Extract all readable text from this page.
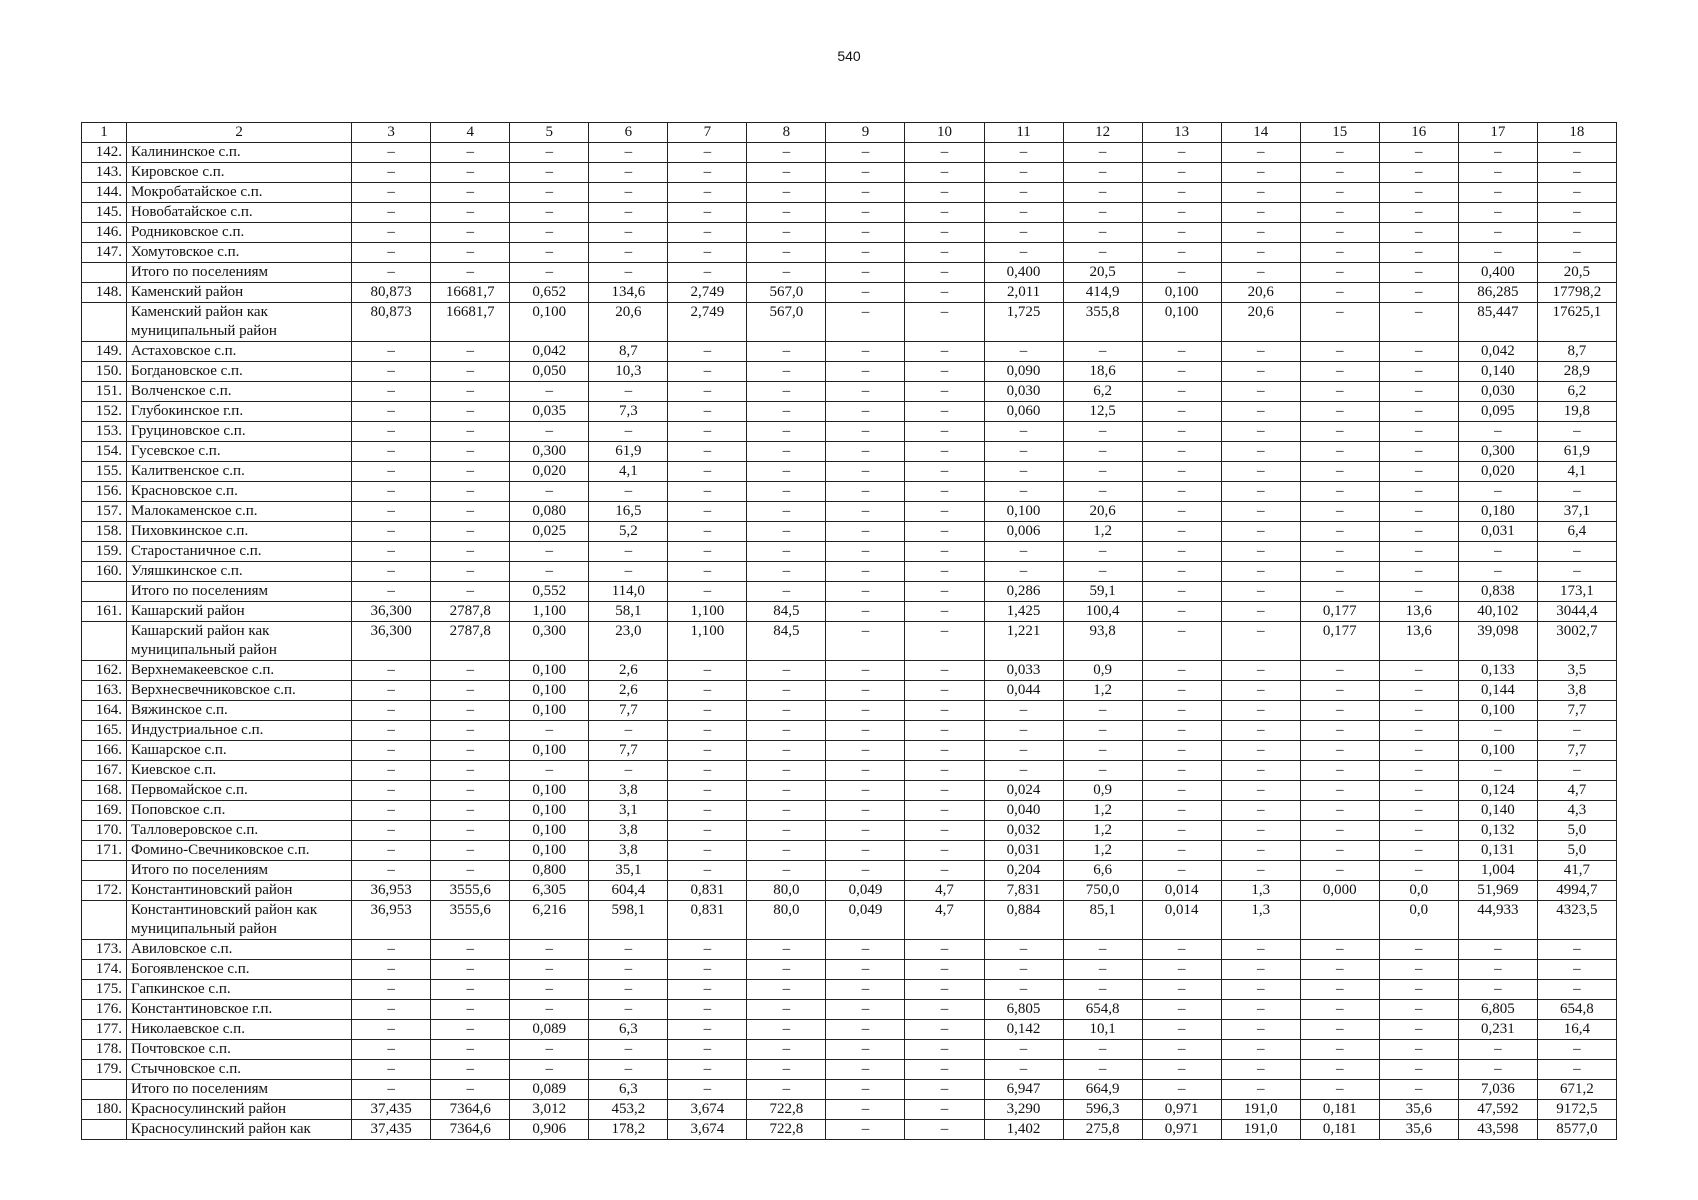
540
1	2	3	4	5	6	7	8	9	10	11	12	13	14	15	16	17	18
142.	Калининское с.п.	–	–	–	–	–	–	–	–	–	–	–	–	–	–	–	–
143.	Кировское с.п.	–	–	–	–	–	–	–	–	–	–	–	–	–	–	–	–
144.	Мокробатайское с.п.	–	–	–	–	–	–	–	–	–	–	–	–	–	–	–	–
145.	Новобатайское с.п.	–	–	–	–	–	–	–	–	–	–	–	–	–	–	–	–
146.	Родниковское с.п.	–	–	–	–	–	–	–	–	–	–	–	–	–	–	–	–
147.	Хомутовское с.п.	–	–	–	–	–	–	–	–	–	–	–	–	–	–	–	–
	Итого по поселениям	–	–	–	–	–	–	–	–	0,400	20,5	–	–	–	–	0,400	20,5
148.	Каменский район	80,873	16681,7	0,652	134,6	2,749	567,0	–	–	2,011	414,9	0,100	20,6	–	–	86,285	17798,2
	Каменский район как муниципальный район	80,873	16681,7	0,100	20,6	2,749	567,0	–	–	1,725	355,8	0,100	20,6	–	–	85,447	17625,1
149.	Астаховское с.п.	–	–	0,042	8,7	–	–	–	–	–	–	–	–	–	–	0,042	8,7
150.	Богдановское с.п.	–	–	0,050	10,3	–	–	–	–	0,090	18,6	–	–	–	–	0,140	28,9
151.	Волченское с.п.	–	–	–	–	–	–	–	–	0,030	6,2	–	–	–	–	0,030	6,2
152.	Глубокинское г.п.	–	–	0,035	7,3	–	–	–	–	0,060	12,5	–	–	–	–	0,095	19,8
153.	Груциновское с.п.	–	–	–	–	–	–	–	–	–	–	–	–	–	–	–	–
154.	Гусевское с.п.	–	–	0,300	61,9	–	–	–	–	–	–	–	–	–	–	0,300	61,9
155.	Калитвенское с.п.	–	–	0,020	4,1	–	–	–	–	–	–	–	–	–	–	0,020	4,1
156.	Красновское с.п.	–	–	–	–	–	–	–	–	–	–	–	–	–	–	–	–
157.	Малокаменское с.п.	–	–	0,080	16,5	–	–	–	–	0,100	20,6	–	–	–	–	0,180	37,1
158.	Пиховкинское с.п.	–	–	0,025	5,2	–	–	–	–	0,006	1,2	–	–	–	–	0,031	6,4
159.	Старостаничное с.п.	–	–	–	–	–	–	–	–	–	–	–	–	–	–	–	–
160.	Уляшкинское с.п.	–	–	–	–	–	–	–	–	–	–	–	–	–	–	–	–
	Итого по поселениям	–	–	0,552	114,0	–	–	–	–	0,286	59,1	–	–	–	–	0,838	173,1
161.	Кашарский район	36,300	2787,8	1,100	58,1	1,100	84,5	–	–	1,425	100,4	–	–	0,177	13,6	40,102	3044,4
	Кашарский район как муниципальный район	36,300	2787,8	0,300	23,0	1,100	84,5	–	–	1,221	93,8	–	–	0,177	13,6	39,098	3002,7
162.	Верхнемакеевское с.п.	–	–	0,100	2,6	–	–	–	–	0,033	0,9	–	–	–	–	0,133	3,5
163.	Верхнесвечниковское с.п.	–	–	0,100	2,6	–	–	–	–	0,044	1,2	–	–	–	–	0,144	3,8
164.	Вяжинское с.п.	–	–	0,100	7,7	–	–	–	–	–	–	–	–	–	–	0,100	7,7
165.	Индустриальное с.п.	–	–	–	–	–	–	–	–	–	–	–	–	–	–	–	–
166.	Кашарское с.п.	–	–	0,100	7,7	–	–	–	–	–	–	–	–	–	–	0,100	7,7
167.	Киевское с.п.	–	–	–	–	–	–	–	–	–	–	–	–	–	–	–	–
168.	Первомайское с.п.	–	–	0,100	3,8	–	–	–	–	0,024	0,9	–	–	–	–	0,124	4,7
169.	Поповское с.п.	–	–	0,100	3,1	–	–	–	–	0,040	1,2	–	–	–	–	0,140	4,3
170.	Талловеровское с.п.	–	–	0,100	3,8	–	–	–	–	0,032	1,2	–	–	–	–	0,132	5,0
171.	Фомино-Свечниковское с.п.	–	–	0,100	3,8	–	–	–	–	0,031	1,2	–	–	–	–	0,131	5,0
	Итого по поселениям	–	–	0,800	35,1	–	–	–	–	0,204	6,6	–	–	–	–	1,004	41,7
172.	Константиновский район	36,953	3555,6	6,305	604,4	0,831	80,0	0,049	4,7	7,831	750,0	0,014	1,3	0,000	0,0	51,969	4994,7
	Константиновский район как муниципальный район	36,953	3555,6	6,216	598,1	0,831	80,0	0,049	4,7	0,884	85,1	0,014	1,3		0,0	44,933	4323,5
173.	Авиловское с.п.	–	–	–	–	–	–	–	–	–	–	–	–	–	–	–	–
174.	Богоявленское с.п.	–	–	–	–	–	–	–	–	–	–	–	–	–	–	–	–
175.	Гапкинское с.п.	–	–	–	–	–	–	–	–	–	–	–	–	–	–	–	–
176.	Константиновское г.п.	–	–	–	–	–	–	–	–	6,805	654,8	–	–	–	–	6,805	654,8
177.	Николаевское с.п.	–	–	0,089	6,3	–	–	–	–	0,142	10,1	–	–	–	–	0,231	16,4
178.	Почтовское с.п.	–	–	–	–	–	–	–	–	–	–	–	–	–	–	–	–
179.	Стычновское с.п.	–	–	–	–	–	–	–	–	–	–	–	–	–	–	–	–
	Итого по поселениям	–	–	0,089	6,3	–	–	–	–	6,947	664,9	–	–	–	–	7,036	671,2
180.	Красносулинский район	37,435	7364,6	3,012	453,2	3,674	722,8	–	–	3,290	596,3	0,971	191,0	0,181	35,6	47,592	9172,5
	Красносулинский район как	37,435	7364,6	0,906	178,2	3,674	722,8	–	–	1,402	275,8	0,971	191,0	0,181	35,6	43,598	8577,0
